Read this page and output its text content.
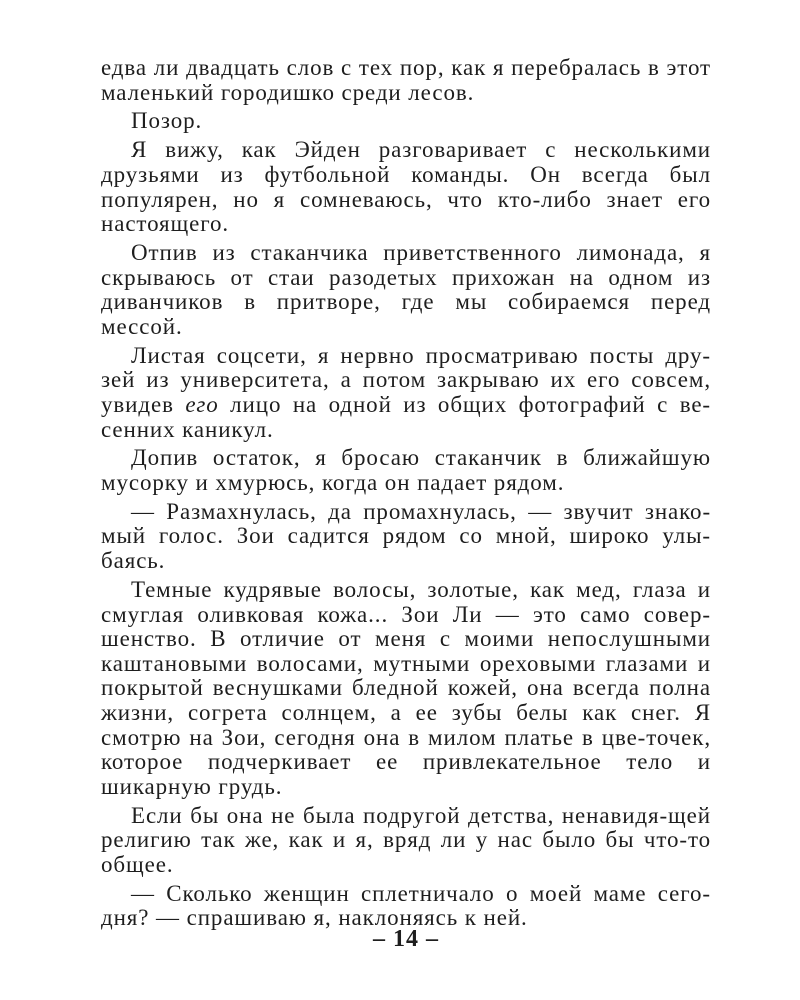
едва ли двадцать слов с тех пор, как я перебралась в этот маленький городишко среди лесов.

Позор.

Я вижу, как Эйден разговаривает с несколькими друзьями из футбольной команды. Он всегда был популярен, но я сомневаюсь, что кто-либо знает его настоящего.

Отпив из стаканчика приветственного лимонада, я скрываюсь от стаи разодетых прихожан на одном из диванчиков в притворе, где мы собираемся перед мессой.

Листая соцсети, я нервно просматриваю посты дру-зей из университета, а потом закрываю их его совсем, увидев его лицо на одной из общих фотографий с ве-сенних каникул.

Допив остаток, я бросаю стаканчик в ближайшую мусорку и хмурюсь, когда он падает рядом.

— Размахнулась, да промахнулась, — звучит знако-мый голос. Зои садится рядом со мной, широко улы-баясь.

Темные кудрявые волосы, золотые, как мед, глаза и смуглая оливковая кожа... Зои Ли — это само совер-шенство. В отличие от меня с моими непослушными каштановыми волосами, мутными ореховыми глазами и покрытой веснушками бледной кожей, она всегда полна жизни, согрета солнцем, а ее зубы белы как снег. Я смотрю на Зои, сегодня она в милом платье в цве-точек, которое подчеркивает ее привлекательное тело и шикарную грудь.

Если бы она не была подругой детства, ненавидя-щей религию так же, как и я, вряд ли у нас было бы что-то общее.

— Сколько женщин сплетничало о моей маме сего-дня? — спрашиваю я, наклоняясь к ней.

– 14 –
